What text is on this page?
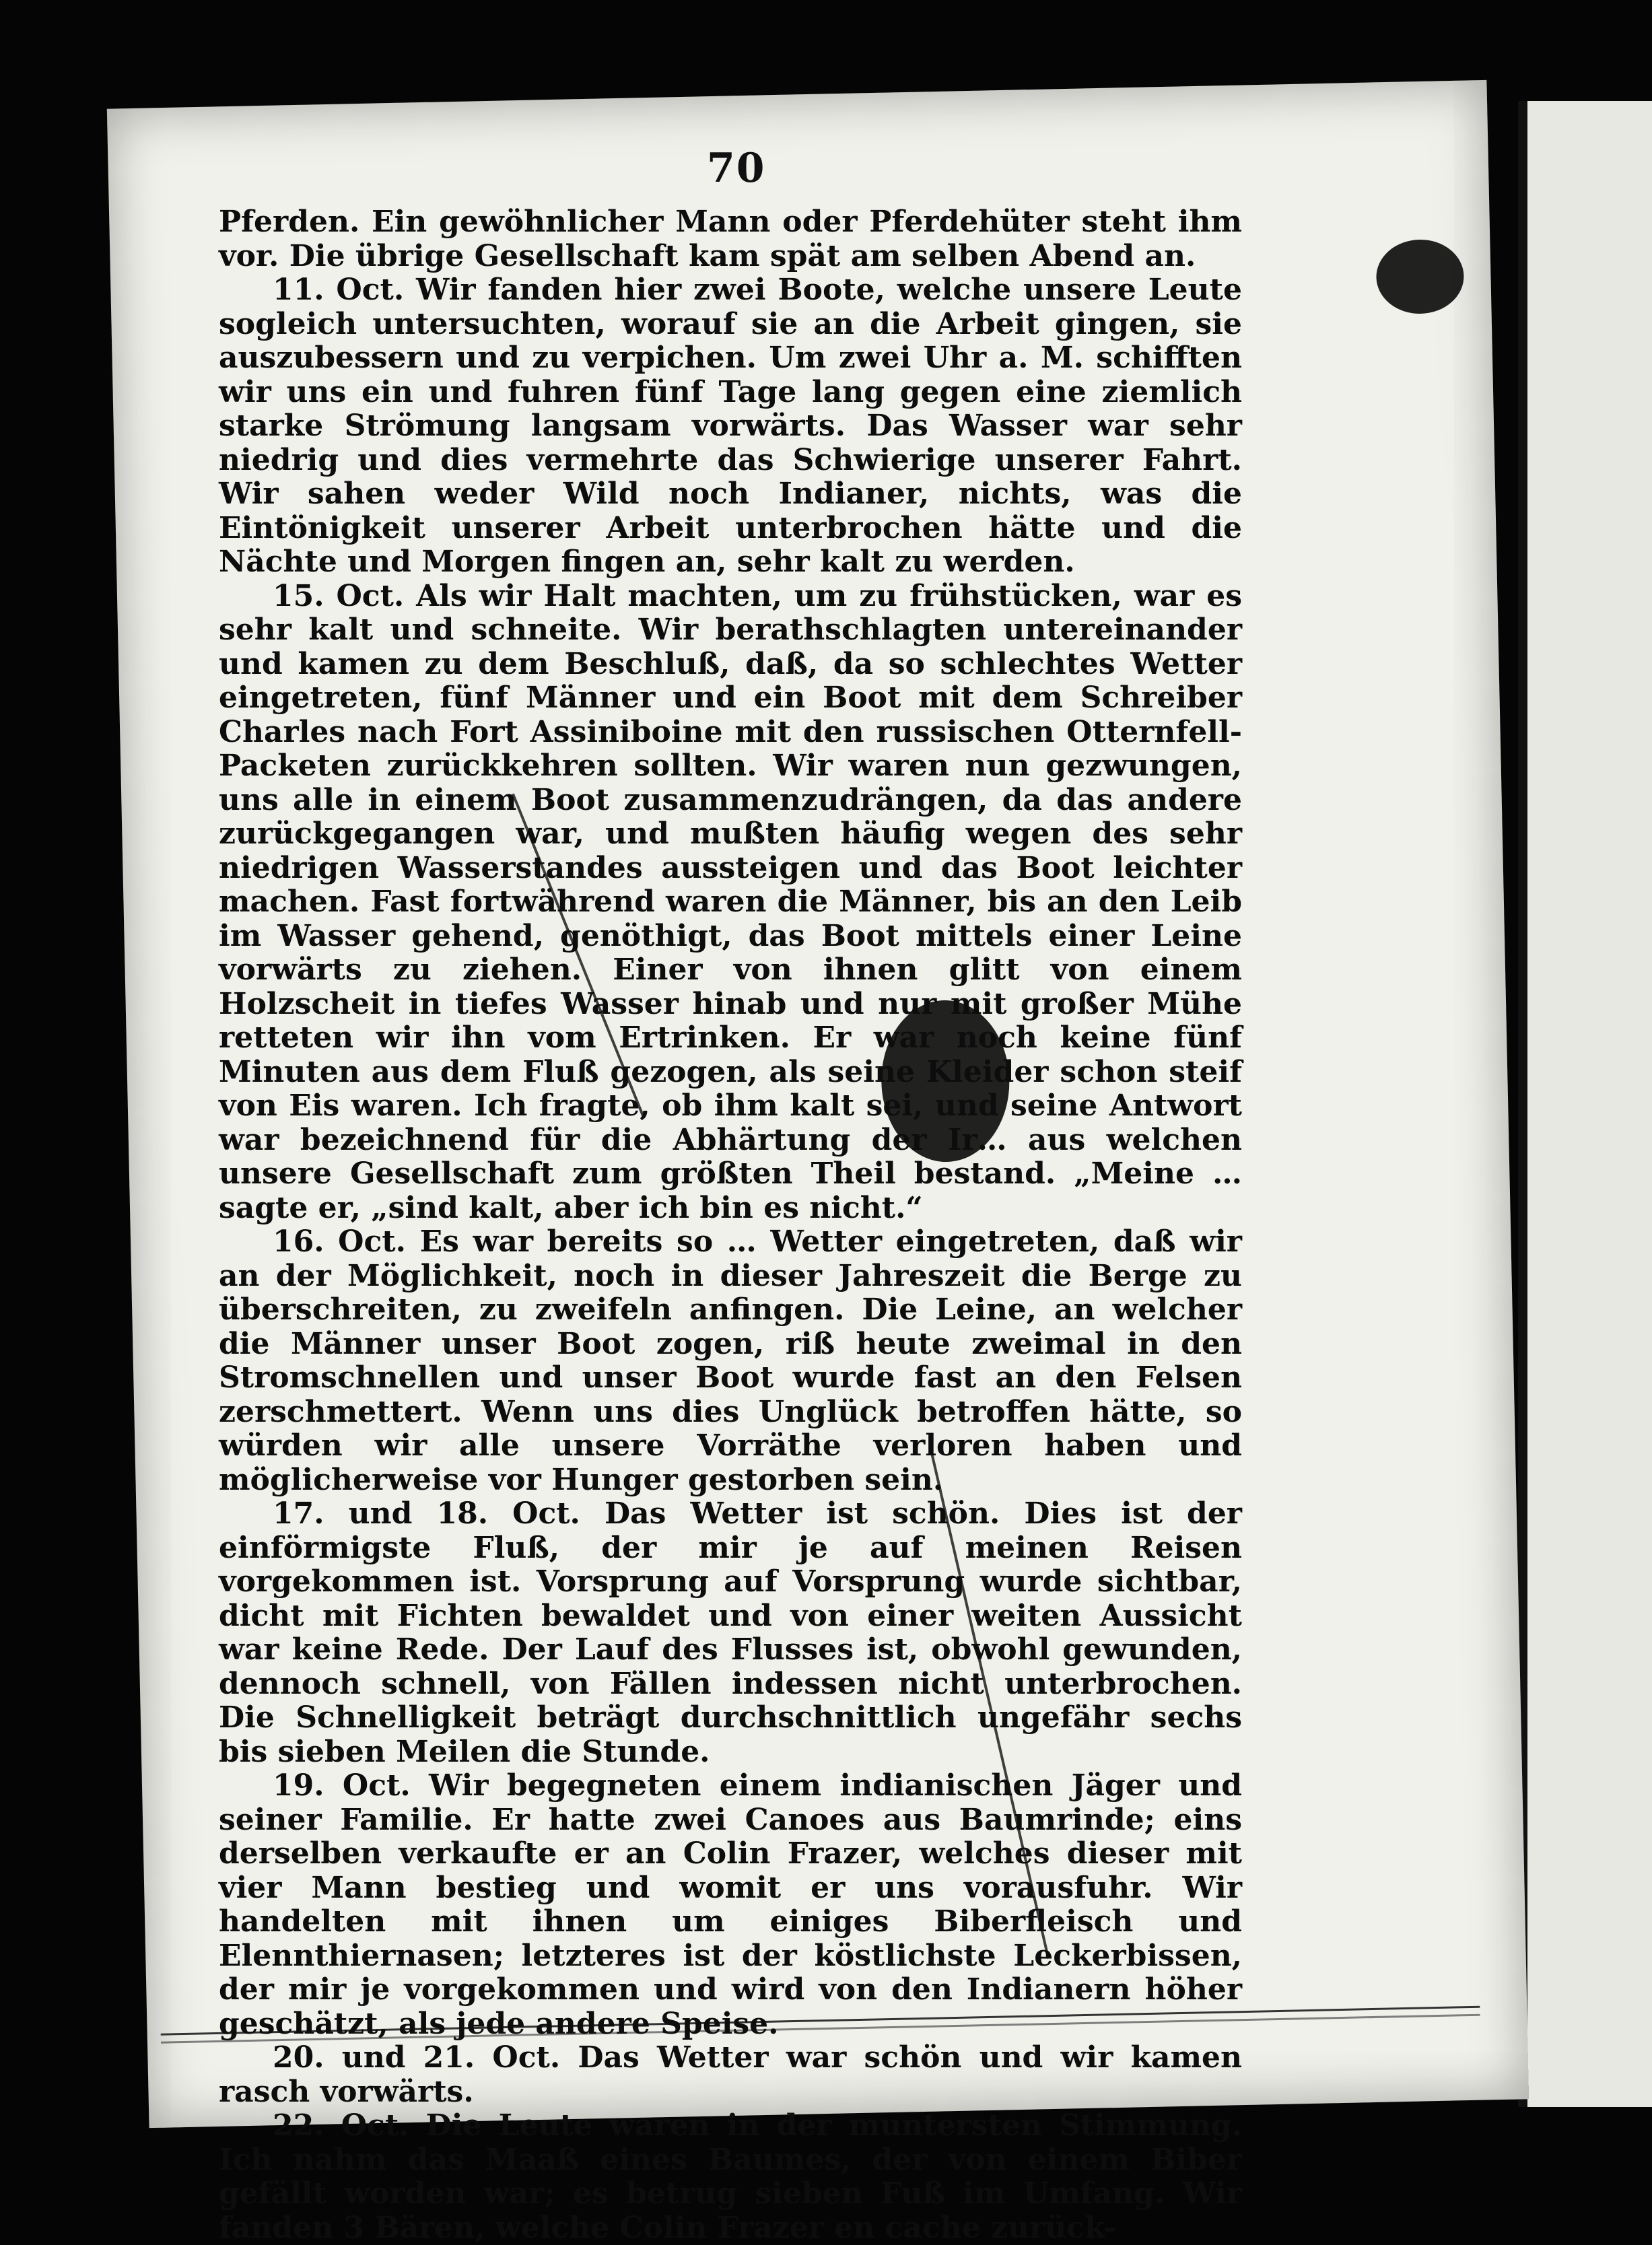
70

Pferden. Ein gewöhnlicher Mann oder Pferdehüter steht ihm vor. Die übrige Gesellschaft kam spät am selben Abend an.

11. Oct. Wir fanden hier zwei Boote, welche unsere Leute sogleich untersuchten, worauf sie an die Arbeit gingen, sie auszubessern und zu verpichen. Um zwei Uhr a. M. schifften wir uns ein und fuhren fünf Tage lang gegen eine ziemlich starke Strömung langsam vorwärts. Das Wasser war sehr niedrig und dies vermehrte das Schwierige unserer Fahrt. Wir sahen weder Wild noch Indianer, nichts, was die Eintönigkeit unserer Arbeit unterbrochen hätte und die Nächte und Morgen fingen an, sehr kalt zu werden.

15. Oct. Als wir Halt machten, um zu frühstücken, war es sehr kalt und schneite. Wir berathschlagten untereinander und kamen zu dem Beschluß, daß, da so schlechtes Wetter eingetreten, fünf Männer und ein Boot mit dem Schreiber Charles nach Fort Assiniboine mit den russischen Otternfell-Packeten zurückkehren sollten. Wir waren nun gezwungen, uns alle in einem Boot zusammenzudrängen, da das andere zurückgegangen war, und mußten häufig wegen des sehr niedrigen Wasserstandes aussteigen und das Boot leichter machen. Fast fortwährend waren die Männer, bis an den Leib im Wasser gehend, genöthigt, das Boot mittels einer Leine vorwärts zu ziehen. Einer von ihnen glitt von einem Holzscheit in tiefes Wasser hinab und nur mit großer Mühe retteten wir ihn vom Ertrinken. Er war noch keine fünf Minuten aus dem Fluß gezogen, als seine Kleider schon steif von Eis waren. Ich fragte, ob ihm kalt sei, und seine Antwort war bezeichnend für die Abhärtung der Ir… aus welchen unsere Gesellschaft zum größten Theil bestand. „Meine … sagte er, „sind kalt, aber ich bin es nicht.“

16. Oct. Es war bereits so … Wetter eingetreten, daß wir an der Möglichkeit, noch in dieser Jahreszeit die Berge zu überschreiten, zu zweifeln anfingen. Die Leine, an welcher die Männer unser Boot zogen, riß heute zweimal in den Stromschnellen und unser Boot wurde fast an den Felsen zerschmettert. Wenn uns dies Unglück betroffen hätte, so würden wir alle unsere Vorräthe verloren haben und möglicherweise vor Hunger gestorben sein.

17. und 18. Oct. Das Wetter ist schön. Dies ist der einförmigste Fluß, der mir je auf meinen Reisen vorgekommen ist. Vorsprung auf Vorsprung wurde sichtbar, dicht mit Fichten bewaldet und von einer weiten Aussicht war keine Rede. Der Lauf des Flusses ist, obwohl gewunden, dennoch schnell, von Fällen indessen nicht unterbrochen. Die Schnelligkeit beträgt durchschnittlich ungefähr sechs bis sieben Meilen die Stunde.

19. Oct. Wir begegneten einem indianischen Jäger und seiner Familie. Er hatte zwei Canoes aus Baumrinde; eins derselben verkaufte er an Colin Frazer, welches dieser mit vier Mann bestieg und womit er uns vorausfuhr. Wir handelten mit ihnen um einiges Biberfleisch und Elennthiernasen; letzteres ist der köstlichste Leckerbissen, der mir je vorgekommen und wird von den Indianern höher geschätzt, als jede andere Speise.

20. und 21. Oct. Das Wetter war schön und wir kamen rasch vorwärts.

22. Oct. Die Leute waren in der muntersten Stimmung. Ich nahm das Maaß eines Baumes, der von einem Biber gefällt worden war; es betrug sieben Fuß im Umfang. Wir fanden 3 Bären, welche Colin Frazer en cache zurück-
